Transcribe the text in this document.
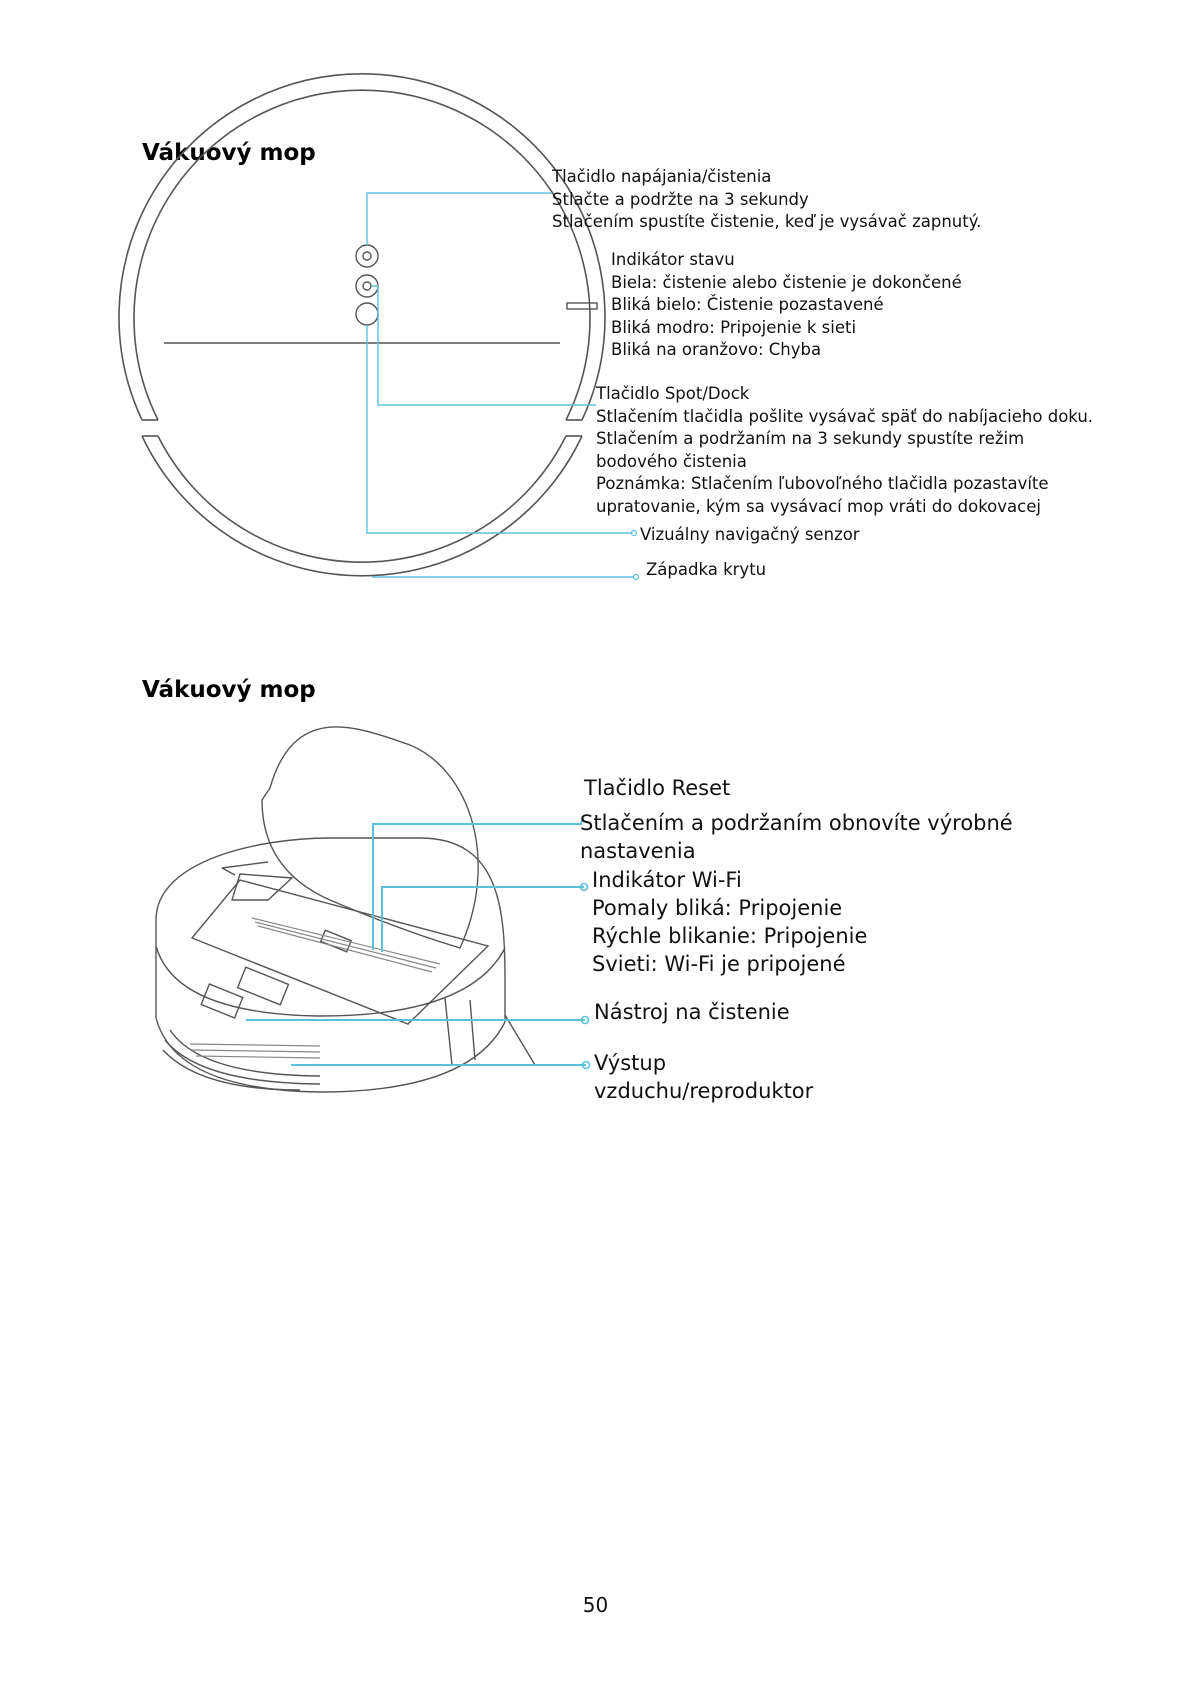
Vákuový mop
Tlačidlo napájania/čistenia
Stlačte a podržte na 3 sekundy
Stlačením spustíte čistenie, keď je vysávač zapnutý.
Indikátor stavu
Biela: čistenie alebo čistenie je dokončené
Bliká bielo: Čistenie pozastavené
Bliká modro: Pripojenie k sieti
Bliká na oranžovo: Chyba
Tlačidlo Spot/Dock
Stlačením tlačidla pošlite vysávač späť do nabíjacieho doku.
Stlačením a podržaním na 3 sekundy spustíte režim
bodového čistenia
Poznámka: Stlačením ľubovoľného tlačidla pozastavíte
upratovanie, kým sa vysávací mop vráti do dokovacej
Vizuálny navigačný senzor
Západka krytu
Vákuový mop
Tlačidlo Reset
Stlačením a podržaním obnovíte výrobné
nastavenia
Indikátor Wi-Fi
Pomaly bliká: Pripojenie
Rýchle blikanie: Pripojenie
Svieti: Wi-Fi je pripojené
Nástroj na čistenie
Výstup
vzduchu/reproduktor
50
